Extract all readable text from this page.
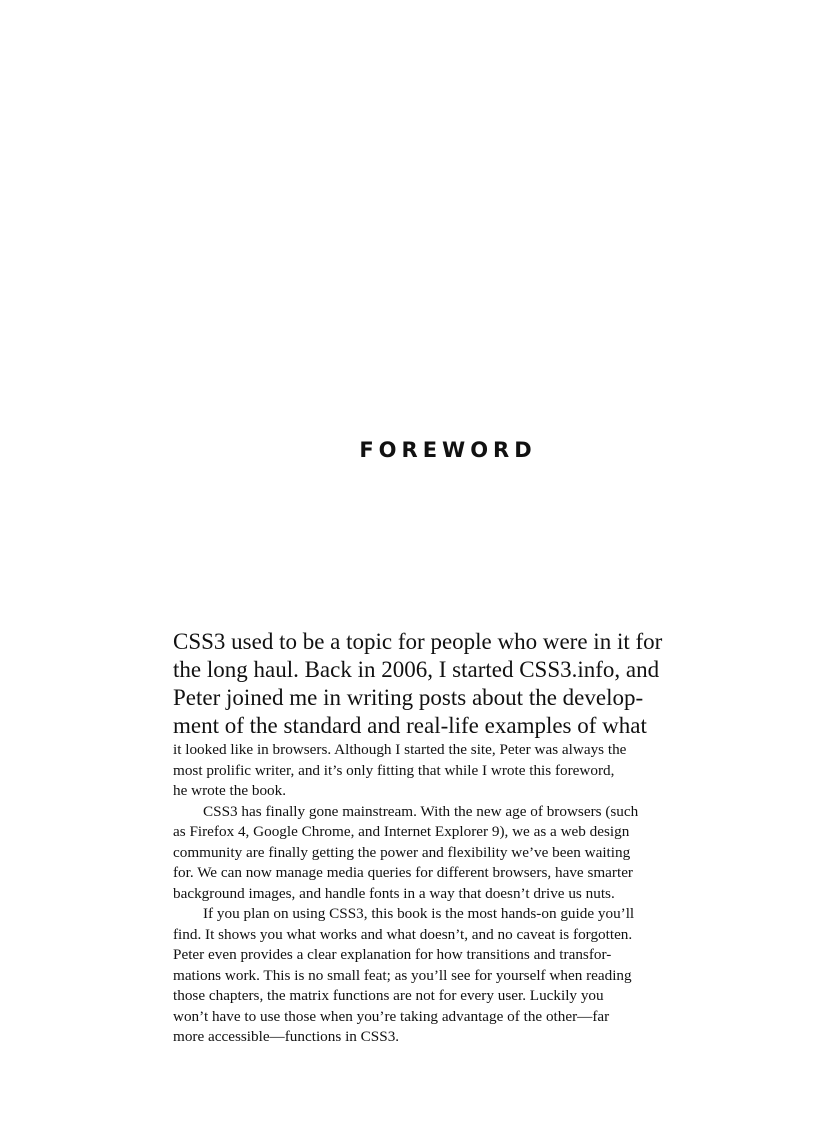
FOREWORD

CSS3 used to be a topic for people who were in it for
the long haul. Back in 2006, I started CSS3.info, and
Peter joined me in writing posts about the develop-
ment of the standard and real-life examples of what

it looked like in browsers. Although I started the site, Peter was always the
most prolific writer, and it’s only fitting that while I wrote this foreword,
he wrote the book.

CSS3 has finally gone mainstream. With the new age of browsers (such
as Firefox 4, Google Chrome, and Internet Explorer 9), we as a web design
community are finally getting the power and flexibility we’ve been waiting
for. We can now manage media queries for different browsers, have smarter
background images, and handle fonts in a way that doesn’t drive us nuts.

If you plan on using CSS3, this book is the most hands-on guide you’ll
find. It shows you what works and what doesn’t, and no caveat is forgotten.
Peter even provides a clear explanation for how transitions and transfor-
mations work. This is no small feat; as you’ll see for yourself when reading
those chapters, the matrix functions are not for every user. Luckily you
won’t have to use those when you’re taking advantage of the other—far
more accessible—functions in CSS3.
